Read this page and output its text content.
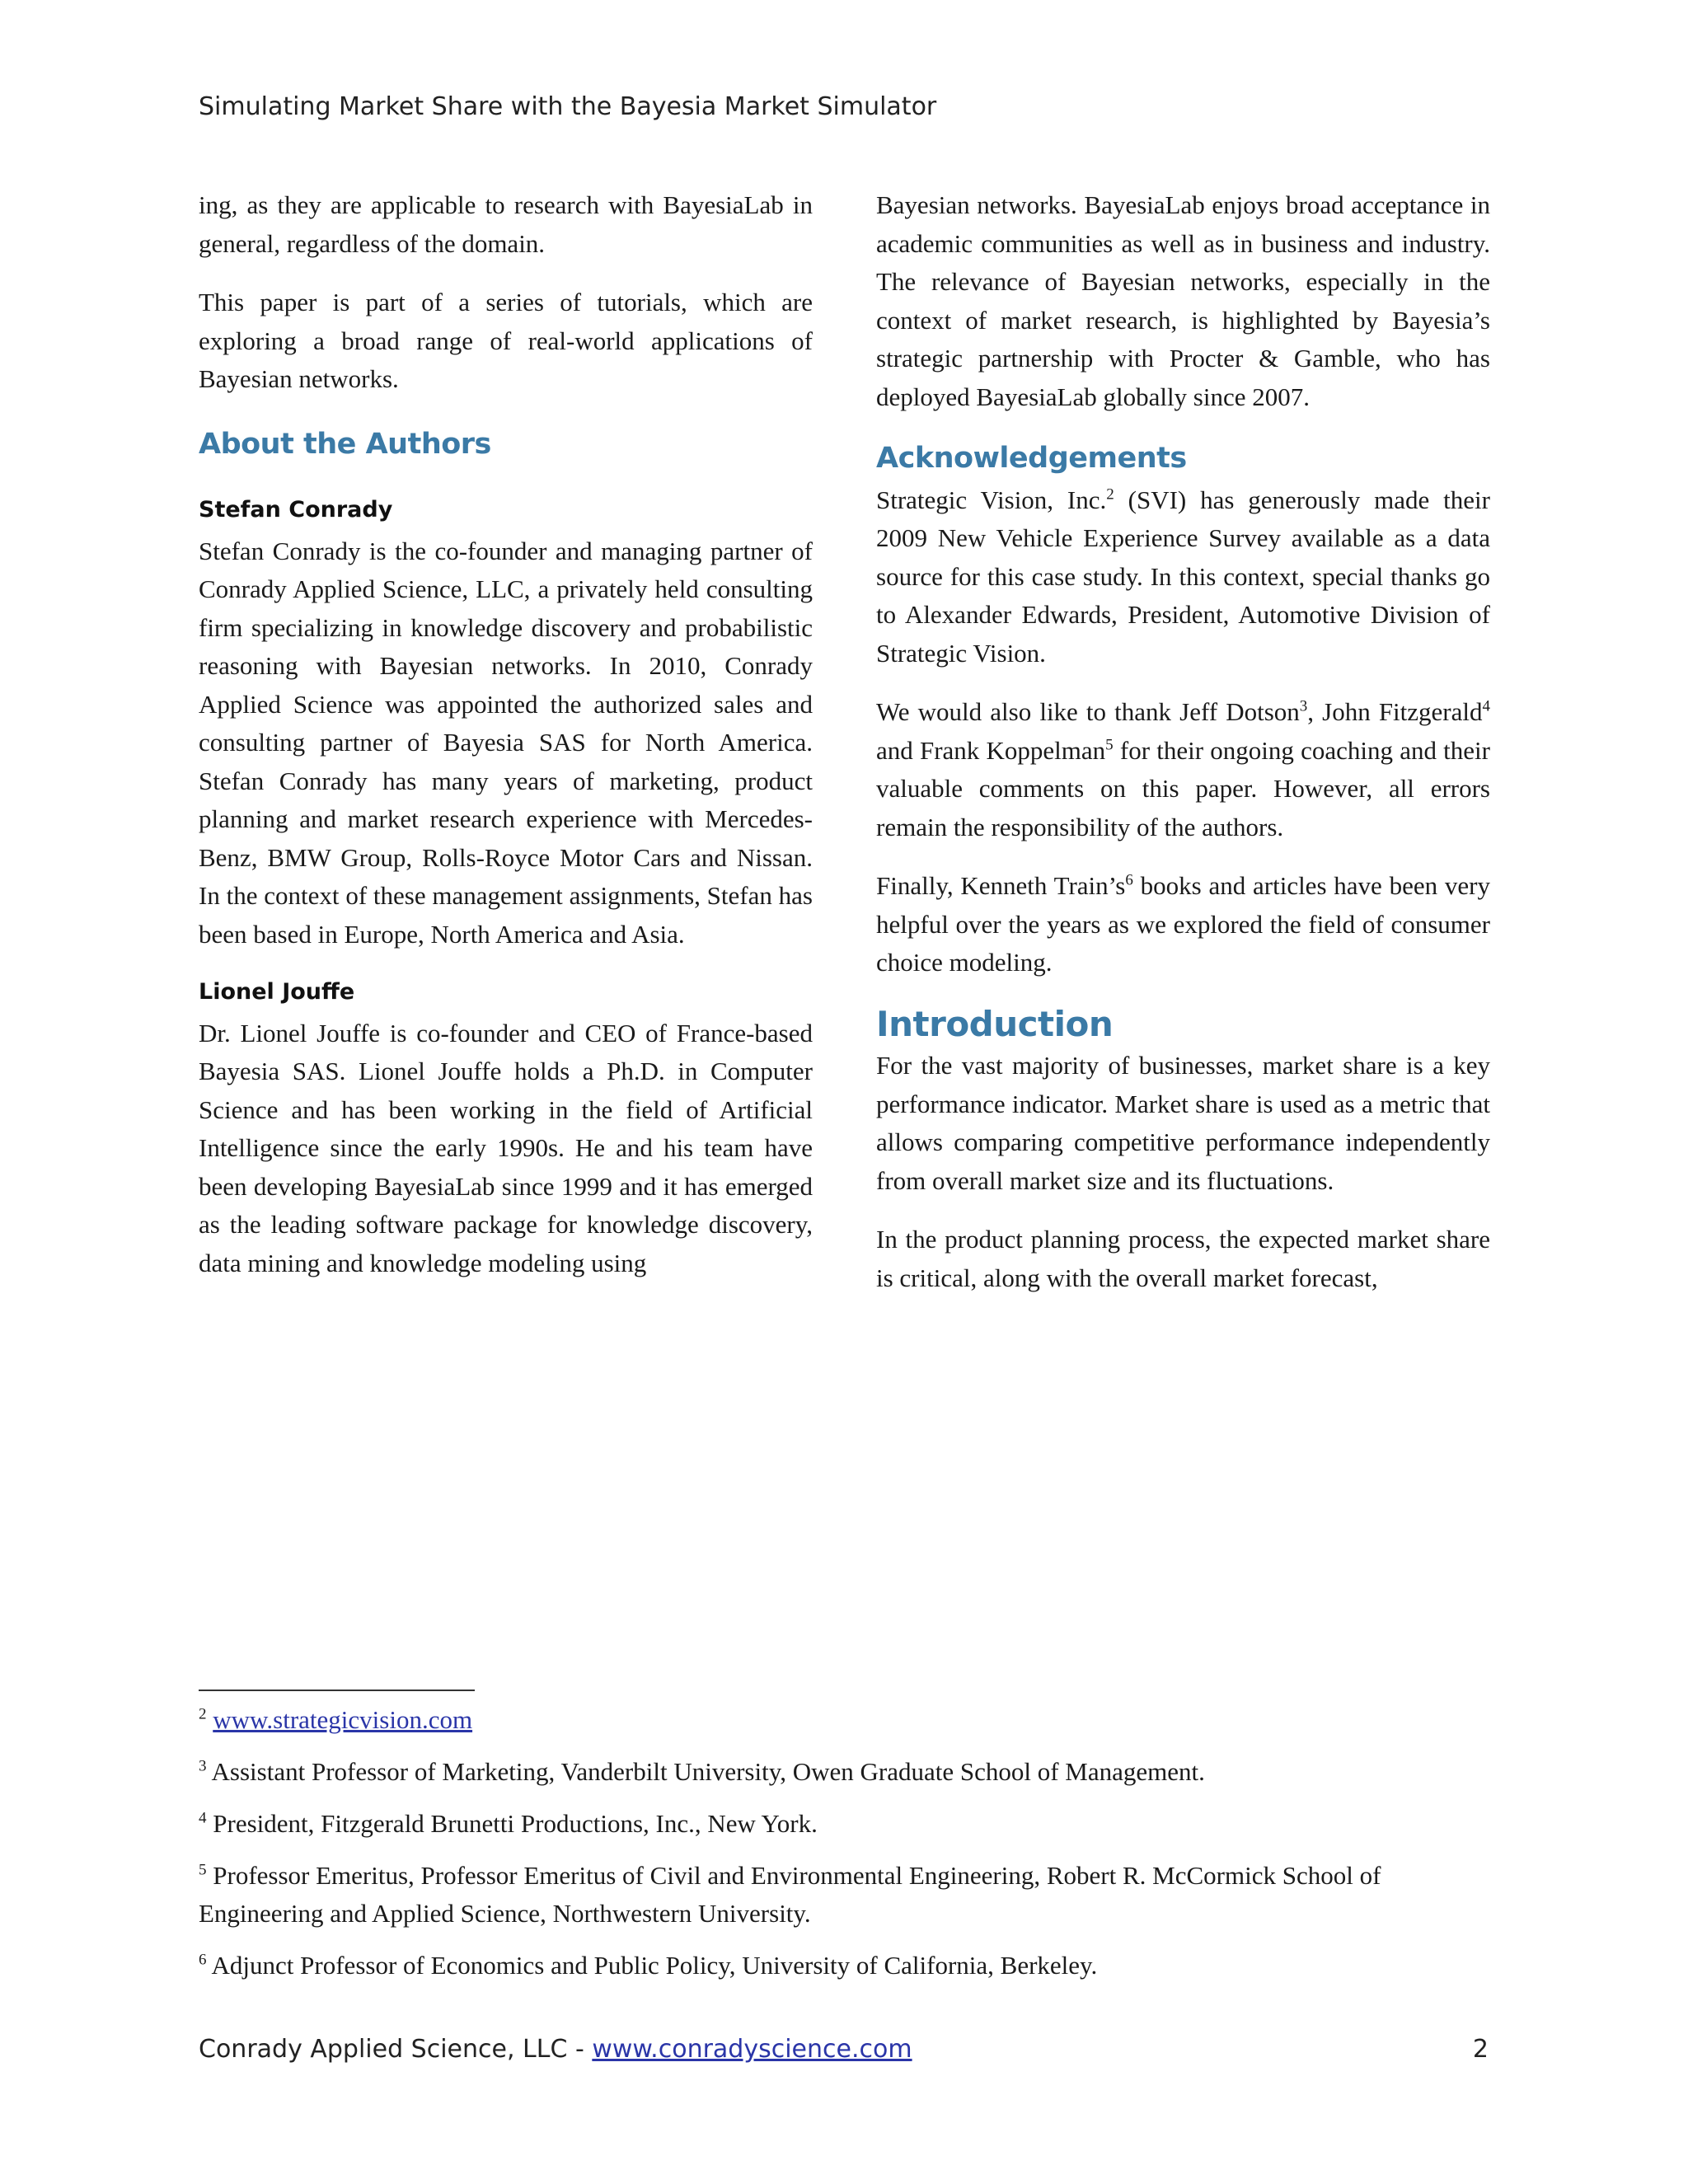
Simulating Market Share with the Bayesia Market Simulator

ing, as they are applicable to research with BayesiaLab in general, regardless of the domain.

This paper is part of a series of tutorials, which are exploring a broad range of real-world applications of Bayesian networks.

About the Authors

Stefan Conrady

Stefan Conrady is the co-founder and managing partner of Conrady Applied Science, LLC, a privately held consulting firm specializing in knowledge discovery and probabilistic reasoning with Bayesian networks. In 2010, Conrady Applied Science was appointed the authorized sales and consulting partner of Bayesia SAS for North America. Stefan Conrady has many years of marketing, product planning and market research experience with Mercedes-Benz, BMW Group, Rolls-Royce Motor Cars and Nissan. In the context of these management assignments, Stefan has been based in Europe, North America and Asia.

Lionel Jouffe

Dr. Lionel Jouffe is co-founder and CEO of France-based Bayesia SAS. Lionel Jouffe holds a Ph.D. in Computer Science and has been working in the field of Artificial Intelligence since the early 1990s. He and his team have been developing BayesiaLab since 1999 and it has emerged as the leading software package for knowledge discovery, data mining and knowledge modeling using

Bayesian networks. BayesiaLab enjoys broad acceptance in academic communities as well as in business and industry. The relevance of Bayesian networks, especially in the context of market research, is highlighted by Bayesia’s strategic partnership with Procter & Gamble, who has deployed BayesiaLab globally since 2007.

Acknowledgements

Strategic Vision, Inc.$^2$ (SVI) has generously made their 2009 New Vehicle Experience Survey available as a data source for this case study. In this context, special thanks go to Alexander Edwards, President, Automotive Division of Strategic Vision.

We would also like to thank Jeff Dotson$^3$, John Fitzgerald$^4$ and Frank Koppelman$^5$ for their ongoing coaching and their valuable comments on this paper. However, all errors remain the responsibility of the authors.

Finally, Kenneth $Train’s^6$ books and articles have been very helpful over the years as we explored the field of consumer choice modeling.

Introduction

For the vast majority of businesses, market share is a key performance indicator. Market share is used as a metric that allows comparing competitive performance independently from overall market size and its fluctuations.

In the product planning process, the expected market share is critical, along with the overall market forecast,

$^2$ www.strategicvision.com

$^3$ Assistant Professor of Marketing, Vanderbilt University, Owen Graduate School of Management.

$^4$ President, Fitzgerald Brunetti Productions, Inc., New York.

$^5$ Professor Emeritus, Professor Emeritus of Civil and Environmental Engineering, Robert R. McCormick School of Engineering and Applied Science, Northwestern University.

$^6$ Adjunct Professor of Economics and Public Policy, University of California, Berkeley.

Conrady Applied Science, LLC - www.conradyscience.com	2
